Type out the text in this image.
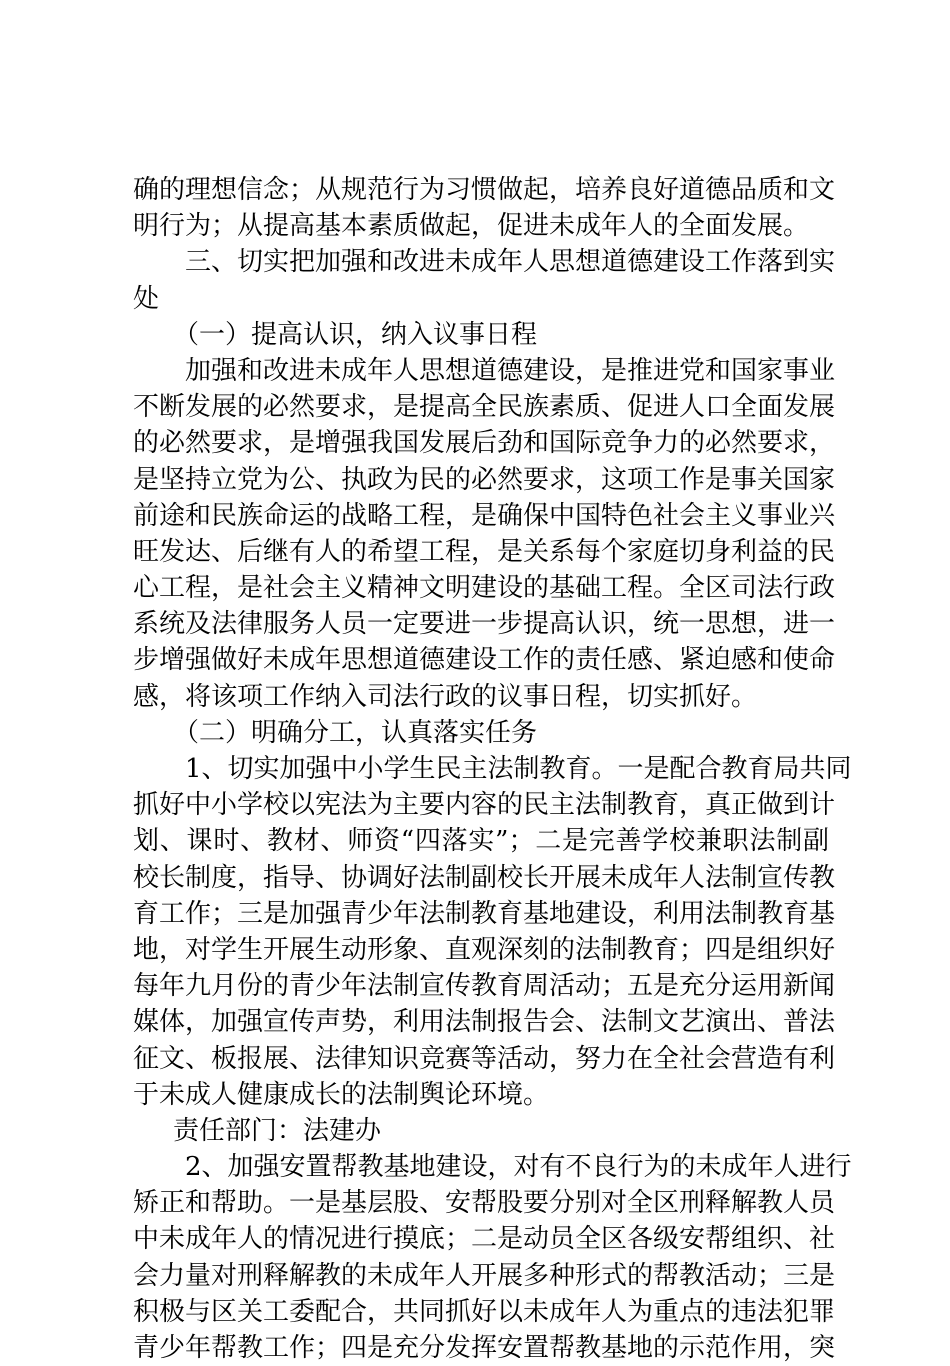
确的理想信念；从规范行为习惯做起，培养良好道德品质和文
明行为；从提高基本素质做起，促进未成年人的全面发展。
三、切实把加强和改进未成年人思想道德建设工作落到实
处
（一）提高认识，纳入议事日程
加强和改进未成年人思想道德建设，是推进党和国家事业
不断发展的必然要求，是提高全民族素质、促进人口全面发展
的必然要求，是增强我国发展后劲和国际竞争力的必然要求，
是坚持立党为公、执政为民的必然要求，这项工作是事关国家
前途和民族命运的战略工程，是确保中国特色社会主义事业兴
旺发达、后继有人的希望工程，是关系每个家庭切身利益的民
心工程，是社会主义精神文明建设的基础工程。全区司法行政
系统及法律服务人员一定要进一步提高认识，统一思想，进一
步增强做好未成年思想道德建设工作的责任感、紧迫感和使命
感，将该项工作纳入司法行政的议事日程，切实抓好。
（二）明确分工，认真落实任务
1、切实加强中小学生民主法制教育。一是配合教育局共同
抓好中小学校以宪法为主要内容的民主法制教育，真正做到计
划、课时、教材、师资“四落实”；二是完善学校兼职法制副
校长制度，指导、协调好法制副校长开展未成年人法制宣传教
育工作；三是加强青少年法制教育基地建设，利用法制教育基
地，对学生开展生动形象、直观深刻的法制教育；四是组织好
每年九月份的青少年法制宣传教育周活动；五是充分运用新闻
媒体，加强宣传声势，利用法制报告会、法制文艺演出、普法
征文、板报展、法律知识竞赛等活动，努力在全社会营造有利
于未成人健康成长的法制舆论环境。
责任部门：法建办
2、加强安置帮教基地建设，对有不良行为的未成年人进行
矫正和帮助。一是基层股、安帮股要分别对全区刑释解教人员
中未成年人的情况进行摸底；二是动员全区各级安帮组织、社
会力量对刑释解教的未成年人开展多种形式的帮教活动；三是
积极与区关工委配合，共同抓好以未成年人为重点的违法犯罪
青少年帮教工作；四是充分发挥安置帮教基地的示范作用，突
